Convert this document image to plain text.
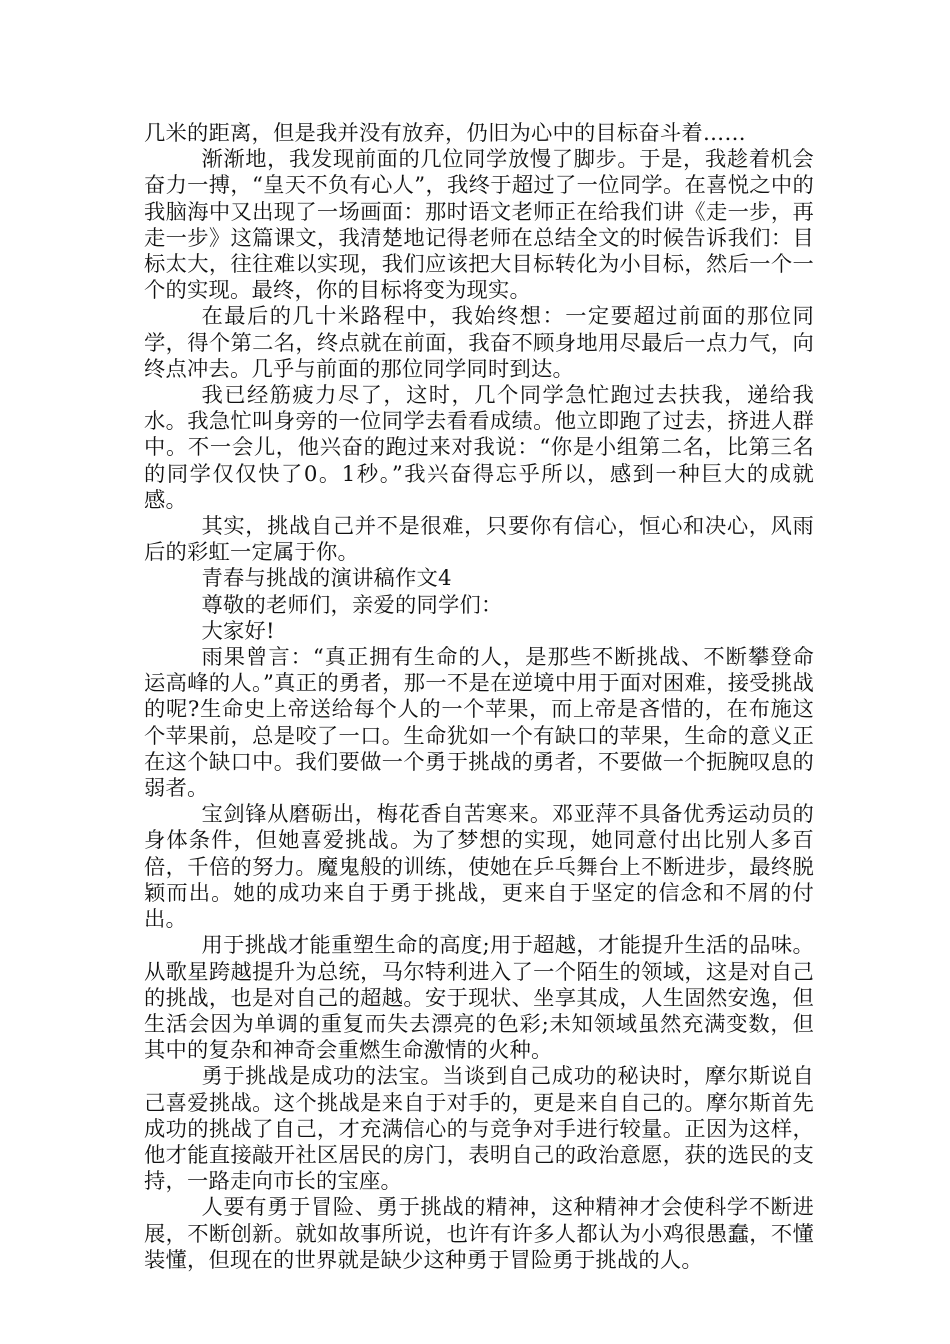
几米的距离，但是我并没有放弃，仍旧为心中的目标奋斗着……

渐渐地，我发现前面的几位同学放慢了脚步。于是，我趁着机会奋力一搏，“皇天不负有心人”，我终于超过了一位同学。在喜悦之中的我脑海中又出现了一场画面：那时语文老师正在给我们讲《走一步，再走一步》这篇课文，我清楚地记得老师在总结全文的时候告诉我们：目标太大，往往难以实现，我们应该把大目标转化为小目标，然后一个一个的实现。最终，你的目标将变为现实。

在最后的几十米路程中，我始终想：一定要超过前面的那位同学，得个第二名，终点就在前面，我奋不顾身地用尽最后一点力气，向终点冲去。几乎与前面的那位同学同时到达。

我已经筋疲力尽了，这时，几个同学急忙跑过去扶我，递给我水。我急忙叫身旁的一位同学去看看成绩。他立即跑了过去，挤进人群中。不一会儿，他兴奋的跑过来对我说：“你是小组第二名，比第三名的同学仅仅快了0。1秒。”我兴奋得忘乎所以，感到一种巨大的成就感。

其实，挑战自己并不是很难，只要你有信心，恒心和决心，风雨后的彩虹一定属于你。

青春与挑战的演讲稿作文4

尊敬的老师们，亲爱的同学们：

大家好!

雨果曾言：“真正拥有生命的人，是那些不断挑战、不断攀登命运高峰的人。”真正的勇者，那一不是在逆境中用于面对困难，接受挑战的呢?生命史上帝送给每个人的一个苹果，而上帝是吝惜的，在布施这个苹果前，总是咬了一口。生命犹如一个有缺口的苹果，生命的意义正在这个缺口中。我们要做一个勇于挑战的勇者，不要做一个扼腕叹息的弱者。

宝剑锋从磨砺出，梅花香自苦寒来。邓亚萍不具备优秀运动员的身体条件，但她喜爱挑战。为了梦想的实现，她同意付出比别人多百倍，千倍的努力。魔鬼般的训练，使她在乒乓舞台上不断进步，最终脱颖而出。她的成功来自于勇于挑战，更来自于坚定的信念和不屑的付出。

用于挑战才能重塑生命的高度;用于超越，才能提升生活的品味。从歌星跨越提升为总统，马尔特利进入了一个陌生的领域，这是对自己的挑战，也是对自己的超越。安于现状、坐享其成，人生固然安逸，但生活会因为单调的重复而失去漂亮的色彩;未知领域虽然充满变数，但其中的复杂和神奇会重燃生命激情的火种。

勇于挑战是成功的法宝。当谈到自己成功的秘诀时，摩尔斯说自己喜爱挑战。这个挑战是来自于对手的，更是来自自己的。摩尔斯首先成功的挑战了自己，才充满信心的与竞争对手进行较量。正因为这样，他才能直接敲开社区居民的房门，表明自己的政治意愿，获的选民的支持，一路走向市长的宝座。

人要有勇于冒险、勇于挑战的精神，这种精神才会使科学不断进展，不断创新。就如故事所说，也许有许多人都认为小鸡很愚蠢，不懂装懂，但现在的世界就是缺少这种勇于冒险勇于挑战的人。
